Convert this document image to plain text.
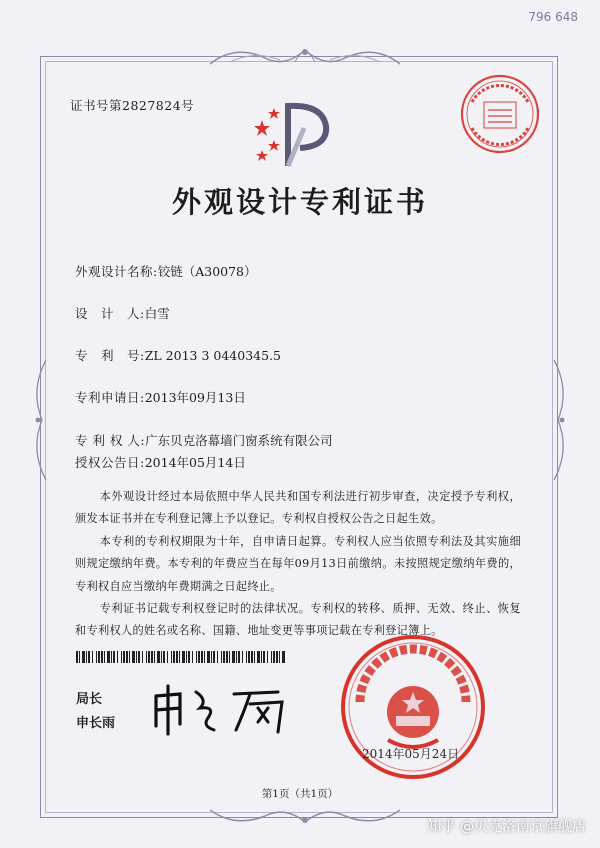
796 648
证书号第2827824号
外观设计专利证书
外观设计名称:铰链（A30078）
设　计　人:白雪
专　利　号:ZL 2013 3 0440345.5
专利申请日:2013年09月13日
专 利 权 人:广东贝克洛幕墙门窗系统有限公司
授权公告日:2014年05月14日

本外观设计经过本局依照中华人民共和国专利法进行初步审查，决定授予专利权，颁发本证书并在专利登记簿上予以登记。专利权自授权公告之日起生效。

本专利的专利权期限为十年，自申请日起算。专利权人应当依照专利法及其实施细则规定缴纳年费。本专利的年费应当在每年09月13日前缴纳。未按照规定缴纳年费的，专利权自应当缴纳年费期满之日起终止。

专利证书记载专利权登记时的法律状况。专利权的转移、质押、无效、终止、恢复和专利权人的姓名或名称、国籍、地址变更等事项记载在专利登记簿上。

局长
申长雨
2014年05月24日
第1页（共1页）
知乎 @贝克洛南京旗舰店
